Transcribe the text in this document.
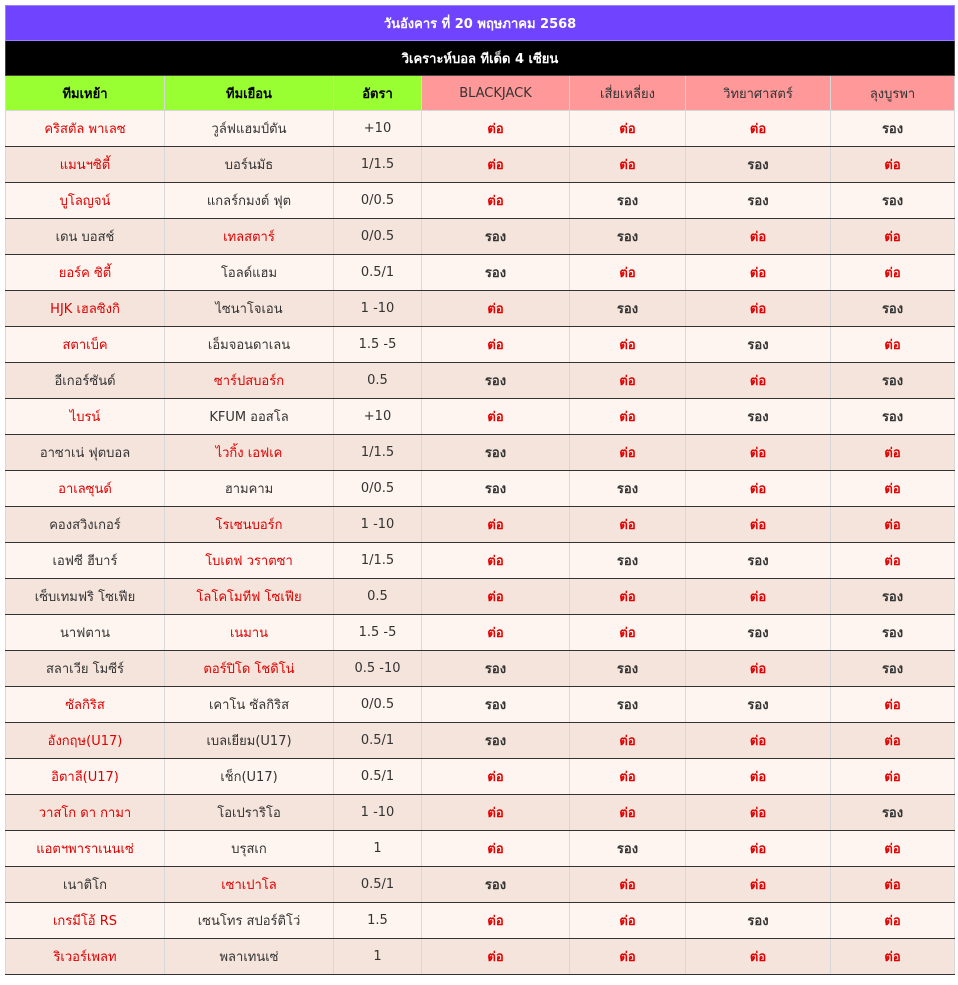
วันอังคาร ที่ 20 พฤษภาคม 2568						
วิเคราะห์บอล ทีเด็ด 4 เซียน						
ทีมเหย้า	ทีมเยือน	อัตรา	BLACKJACK	เสี่ยเหลี่ยง	วิทยาศาสตร์	ลุงบูรพา
คริสตัล พาเลซ	วูล์ฟแฮมป์ตัน	+10	ต่อ	ต่อ	ต่อ	รอง
แมนฯซิตี้	บอร์นมัธ	1/1.5	ต่อ	ต่อ	รอง	ต่อ
บูโลญจน์	แกลร์กมงต์ ฟุต	0/0.5	ต่อ	รอง	รอง	รอง
เดน บอสช์	เทลสตาร์	0/0.5	รอง	รอง	ต่อ	ต่อ
ยอร์ค ซิตี้	โอลด์แฮม	0.5/1	รอง	ต่อ	ต่อ	ต่อ
HJK เฮลซิงกิ	ไซนาโจเอน	1 -10	ต่อ	รอง	ต่อ	รอง
สตาเบ็ค	เอ็มจอนดาเลน	1.5 -5	ต่อ	ต่อ	รอง	ต่อ
อีเกอร์ซันด์	ซาร์ปสบอร์ก	0.5	รอง	ต่อ	ต่อ	รอง
ไบรน์	KFUM ออสโล	+10	ต่อ	ต่อ	รอง	รอง
อาซาเน่ ฟุตบอล	ไวกิ้ง เอฟเค	1/1.5	รอง	ต่อ	ต่อ	ต่อ
อาเลซุนด์	ฮามคาม	0/0.5	รอง	รอง	ต่อ	ต่อ
คองสวิงเกอร์	โรเซนบอร์ก	1 -10	ต่อ	ต่อ	ต่อ	ต่อ
เอฟซี ฮีบาร์	โบเตฟ วราตซา	1/1.5	ต่อ	รอง	รอง	ต่อ
เซ็บเทมฟริ โซเฟีย	โลโคโมทีฟ โซเฟีย	0.5	ต่อ	ต่อ	ต่อ	รอง
นาฟตาน	เนมาน	1.5 -5	ต่อ	ต่อ	รอง	รอง
สลาเวีย โมซีร์	ตอร์ปิโด โชดิโน่	0.5 -10	รอง	รอง	ต่อ	รอง
ซัลกิริส	เคาโน ซัลกิริส	0/0.5	รอง	รอง	รอง	ต่อ
อังกฤษ(U17)	เบลเยียม(U17)	0.5/1	รอง	ต่อ	ต่อ	ต่อ
อิตาลี(U17)	เช็ก(U17)	0.5/1	ต่อ	ต่อ	ต่อ	ต่อ
วาสโก ดา กามา	โอเปราริโอ	1 -10	ต่อ	ต่อ	ต่อ	รอง
แอตฯพาราเนนเซ่	บรุสเก	1	ต่อ	รอง	ต่อ	ต่อ
เนาติโก	เซาเปาโล	0.5/1	รอง	ต่อ	ต่อ	ต่อ
เกรมีโอ้ RS	เซนโทร สปอร์ติโว่	1.5	ต่อ	ต่อ	รอง	ต่อ
ริเวอร์เพลท	พลาเทนเซ่	1	ต่อ	ต่อ	ต่อ	ต่อ
